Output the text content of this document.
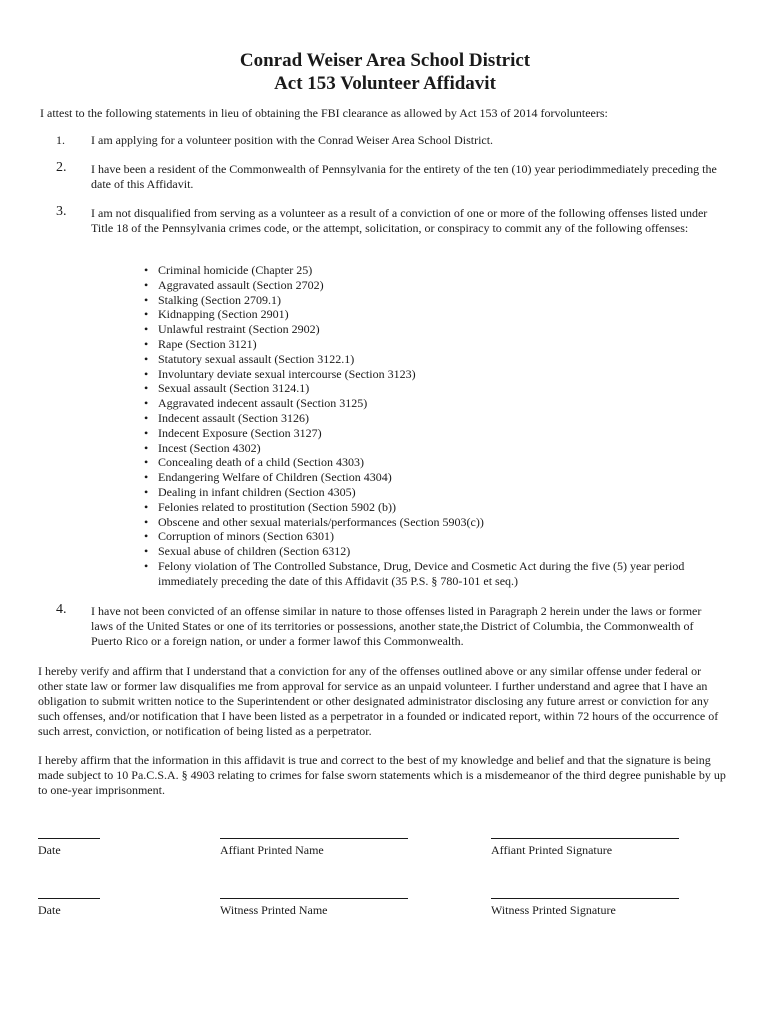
Conrad Weiser Area School District
Act 153 Volunteer Affidavit
I attest to the following statements in lieu of obtaining the FBI clearance as allowed by Act 153 of 2014 forvolunteers:
1.	I am applying for a volunteer position with the Conrad Weiser Area School District.
2.	I have been a resident of the Commonwealth of Pennsylvania for the entirety of the ten (10) year periodimmediately preceding the date of this Affidavit.
3.	I am not disqualified from serving as a volunteer as a result of a conviction of one or more of the following offenses listed under Title 18 of the Pennsylvania crimes code, or the attempt, solicitation, or conspiracy to commit any of the following offenses:
• Criminal homicide (Chapter 25)
• Aggravated assault (Section 2702)
• Stalking (Section 2709.1)
• Kidnapping (Section 2901)
• Unlawful restraint (Section 2902)
• Rape (Section 3121)
• Statutory sexual assault (Section 3122.1)
• Involuntary deviate sexual intercourse (Section 3123)
• Sexual assault (Section 3124.1)
• Aggravated indecent assault (Section 3125)
• Indecent assault (Section 3126)
• Indecent Exposure (Section 3127)
• Incest (Section 4302)
• Concealing death of a child (Section 4303)
• Endangering Welfare of Children (Section 4304)
• Dealing in infant children (Section 4305)
• Felonies related to prostitution (Section 5902 (b))
• Obscene and other sexual materials/performances (Section 5903(c))
• Corruption of minors (Section 6301)
• Sexual abuse of children (Section 6312)
• Felony violation of The Controlled Substance, Drug, Device and Cosmetic Act during the five (5) year period immediately preceding the date of this Affidavit (35 P.S. § 780-101 et seq.)
4.	I have not been convicted of an offense similar in nature to those offenses listed in Paragraph 2 herein under the laws or former laws of the United States or one of its territories or possessions, another state,the District of Columbia, the Commonwealth of Puerto Rico or a foreign nation, or under a former lawof this Commonwealth.
I hereby verify and affirm that I understand that a conviction for any of the offenses outlined above or any similar offense under federal or other state law or former law disqualifies me from approval for service as an unpaid volunteer. I further understand and agree that I have an obligation to submit written notice to the Superintendent or other designated administrator disclosing any future arrest or conviction for any such offenses, and/or notification that I have been listed as a perpetrator in a founded or indicated report, within 72 hours of the occurrence of such arrest, conviction, or notification of being listed as a perpetrator.
I hereby affirm that the information in this affidavit is true and correct to the best of my knowledge and belief and that the signature is being made subject to 10 Pa.C.S.A. § 4903 relating to crimes for false sworn statements which is a misdemeanor of the third degree punishable by up to one-year imprisonment.
Date	Affiant Printed Name	Affiant Printed Signature
Date	Witness Printed Name	Witness Printed Signature
